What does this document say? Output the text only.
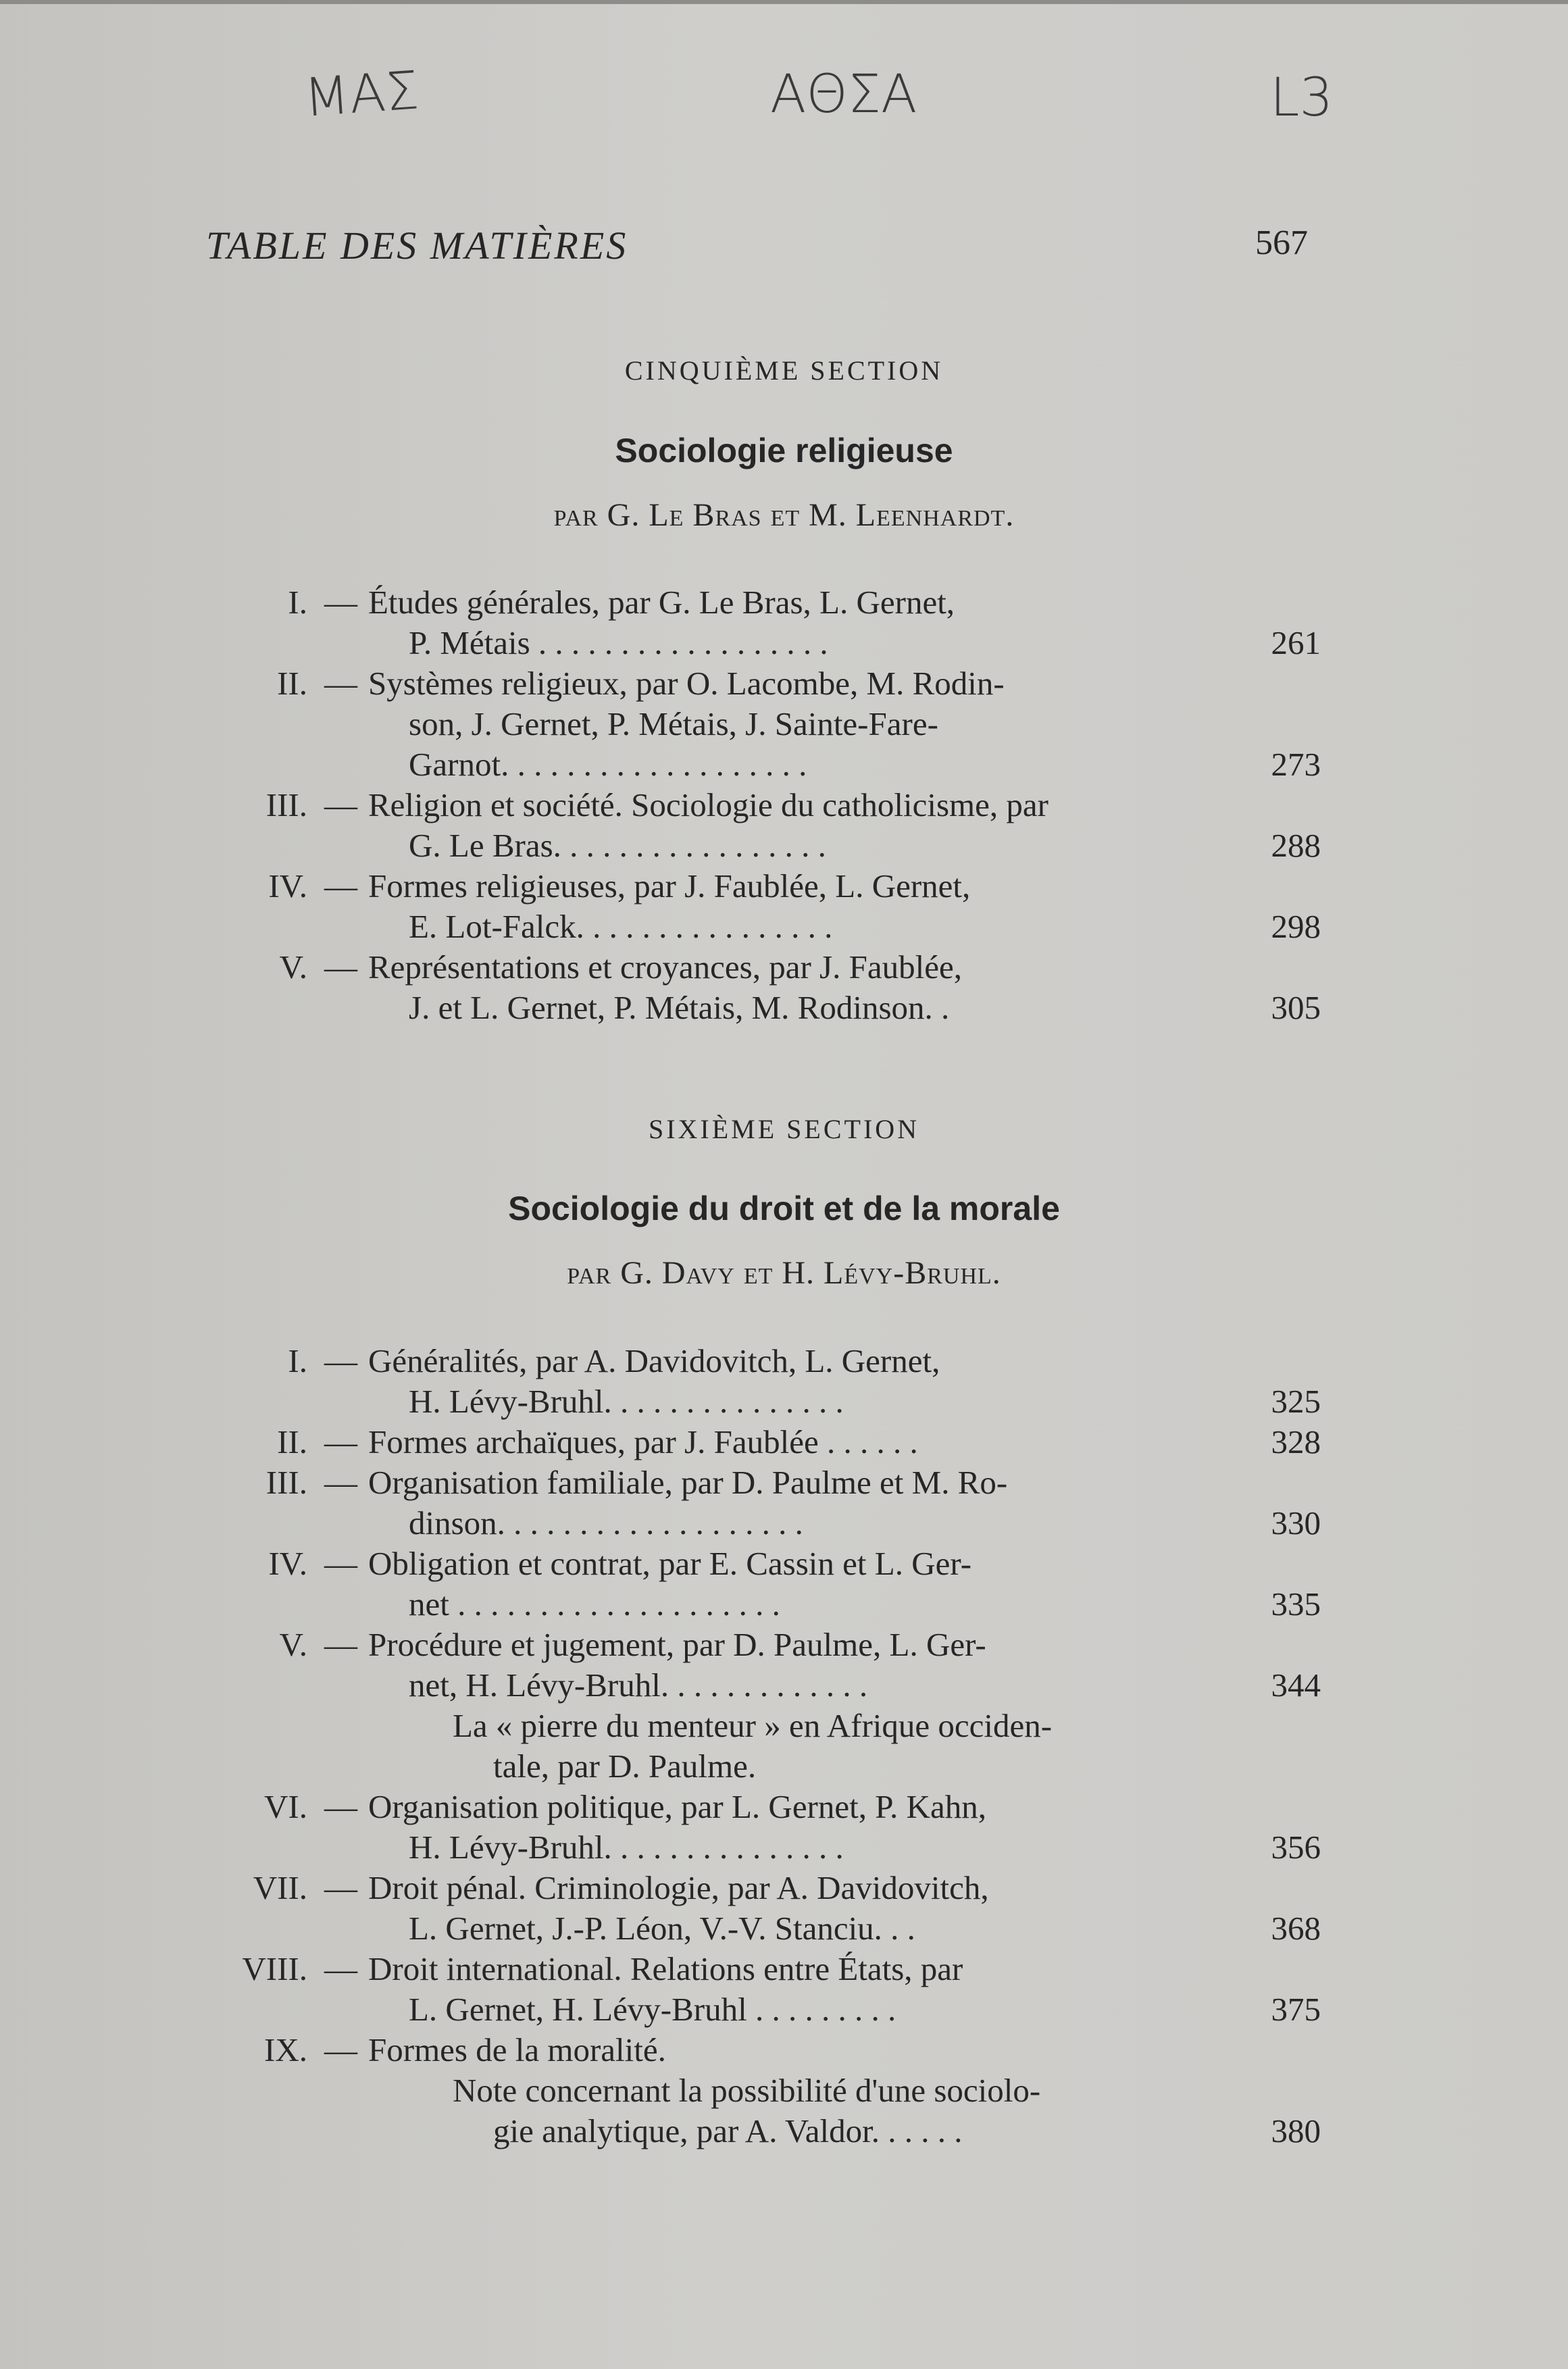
ΜΑΣ	ΑΘΣΑ	L3
TABLE DES MATIÈRES	567
CINQUIÈME SECTION
Sociologie religieuse
par G. Le Bras et M. Leenhardt.
I. — Études générales, par G. Le Bras, L. Gernet,
P. Métais . . . . . . . . . . . . . . . . . .	261
II. — Systèmes religieux, par O. Lacombe, M. Rodin-
son, J. Gernet, P. Métais, J. Sainte-Fare-
Garnot. . . . . . . . . . . . . . . . . . .	273
III. — Religion et société. Sociologie du catholicisme, par
G. Le Bras. . . . . . . . . . . . . . . . .	288
IV. — Formes religieuses, par J. Faublée, L. Gernet,
E. Lot-Falck. . . . . . . . . . . . . . . .	298
V. — Représentations et croyances, par J. Faublée,
J. et L. Gernet, P. Métais, M. Rodinson. .	305
SIXIÈME SECTION
Sociologie du droit et de la morale
par G. Davy et H. Lévy-Bruhl.
I. — Généralités, par A. Davidovitch, L. Gernet,
H. Lévy-Bruhl. . . . . . . . . . . . . . .	325
II. — Formes archaïques, par J. Faublée . . . . . .	328
III. — Organisation familiale, par D. Paulme et M. Ro-
dinson. . . . . . . . . . . . . . . . . . .	330
IV. — Obligation et contrat, par E. Cassin et L. Ger-
net . . . . . . . . . . . . . . . . . . . .	335
V. — Procédure et jugement, par D. Paulme, L. Ger-
net, H. Lévy-Bruhl. . . . . . . . . . . . .	344
La « pierre du menteur » en Afrique occiden-
tale, par D. Paulme.
VI. — Organisation politique, par L. Gernet, P. Kahn,
H. Lévy-Bruhl. . . . . . . . . . . . . . .	356
VII. — Droit pénal. Criminologie, par A. Davidovitch,
L. Gernet, J.-P. Léon, V.-V. Stanciu. . .	368
VIII. — Droit international. Relations entre États, par
L. Gernet, H. Lévy-Bruhl . . . . . . . . .	375
IX. — Formes de la moralité.
Note concernant la possibilité d'une sociolo-
gie analytique, par A. Valdor. . . . . .	380
